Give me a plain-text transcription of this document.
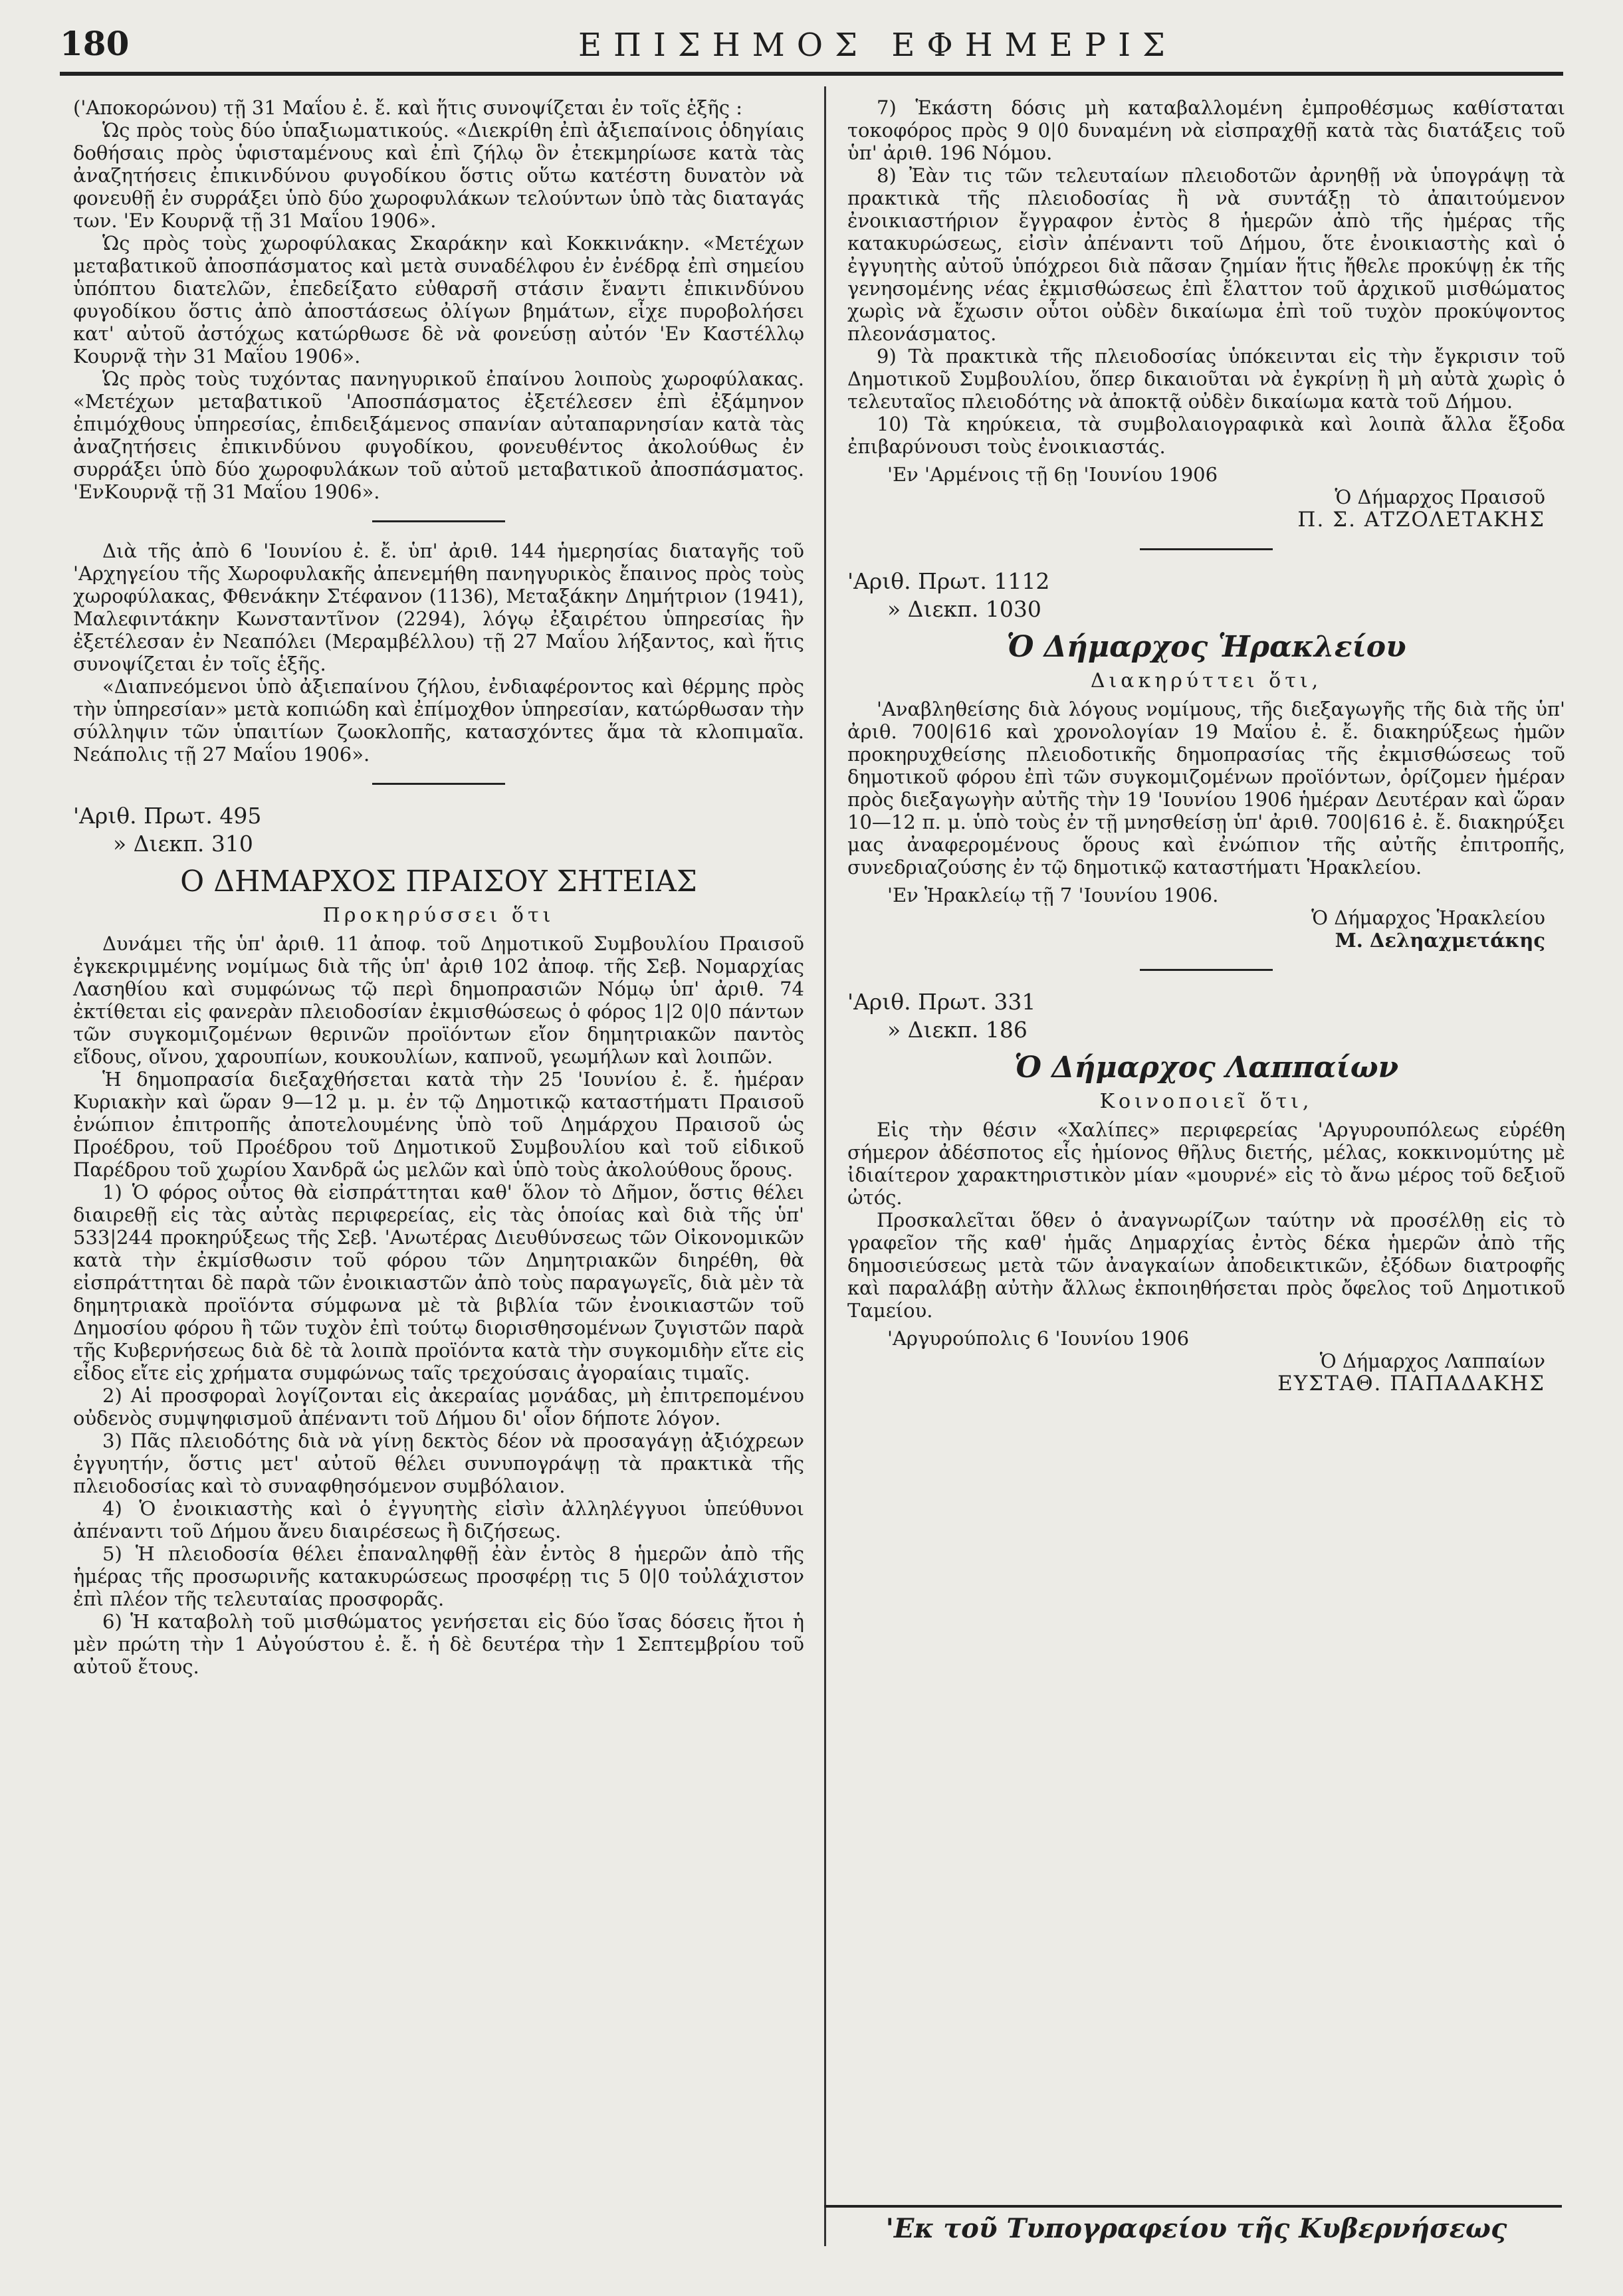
180	ΕΠΙΣΗΜΟΣ ΕΦΗΜΕΡΙΣ

('Αποκορώνου) τῇ 31 Μαΐου ἐ. ἔ. καὶ ἥτις συνοψίζεται ἐν τοῖς ἑξῆς :

Ὡς πρὸς τοὺς δύο ὑπαξιωματικούς. «Διεκρίθη ἐπὶ ἀξιεπαίνοις ὁδηγίαις δοθήσαις πρὸς ὑφισταμένους καὶ ἐπὶ ζήλῳ ὃν ἐτεκμηρίωσε κατὰ τὰς ἀναζητήσεις ἐπικινδύνου φυγοδίκου ὅστις οὕτω κατέστη δυνατὸν νὰ φονευθῇ ἐν συρράξει ὑπὸ δύο χωροφυλάκων τελούντων ὑπὸ τὰς διαταγάς των. 'Εν Κουρνᾷ τῇ 31 Μαΐου 1906».

Ὡς πρὸς τοὺς χωροφύλακας Σκαράκην καὶ Κοκκινάκην. «Μετέχων μεταβατικοῦ ἀποσπάσματος καὶ μετὰ συναδέλφου ἐν ἐνέδρᾳ ἐπὶ σημείου ὑπόπτου διατελῶν, ἐπεδείξατο εὐθαρσῆ στάσιν ἔναντι ἐπικινδύνου φυγοδίκου ὅστις ἀπὸ ἀποστάσεως ὀλίγων βημάτων, εἶχε πυροβολήσει κατ' αὐτοῦ ἀστόχως κατώρθωσε δὲ νὰ φονεύσῃ αὐτόν 'Εν Καστέλλῳ Κουρνᾷ τὴν 31 Μαΐου 1906».

Ὡς πρὸς τοὺς τυχόντας πανηγυρικοῦ ἐπαίνου λοιποὺς χωροφύλακας. «Μετέχων μεταβατικοῦ 'Αποσπάσματος ἐξετέλεσεν ἐπὶ ἐξάμηνον ἐπιμόχθους ὑπηρεσίας, ἐπιδειξάμενος σπανίαν αὐταπαρνησίαν κατὰ τὰς ἀναζητήσεις ἐπικινδύνου φυγοδίκου, φονευθέντος ἀκολούθως ἐν συρράξει ὑπὸ δύο χωροφυλάκων τοῦ αὐτοῦ μεταβατικοῦ ἀποσπάσματος. 'ΕνΚουρνᾷ τῇ 31 Μαΐου 1906».

Διὰ τῆς ἀπὸ 6 'Ιουνίου ἐ. ἔ. ὑπ' ἀριθ. 144 ἡμερησίας διαταγῆς τοῦ 'Αρχηγείου τῆς Χωροφυλακῆς ἀπενεμήθη πανηγυρικὸς ἔπαινος πρὸς τοὺς χωροφύλακας, Φθενάκην Στέφανον (1136), Μεταξάκην Δημήτριον (1941), Μαλεφιντάκην Κωνσταντῖνον (2294), λόγῳ ἐξαιρέτου ὑπηρεσίας ἣν ἐξετέλεσαν ἐν Νεαπόλει (Μεραμβέλλου) τῇ 27 Μαΐου λήξαντος, καὶ ἥτις συνοψίζεται ἐν τοῖς ἑξῆς.

«Διαπνεόμενοι ὑπὸ ἀξιεπαίνου ζήλου, ἐνδιαφέροντος καὶ θέρμης πρὸς τὴν ὑπηρεσίαν» μετὰ κοπιώδη καὶ ἐπίμοχθον ὑπηρεσίαν, κατώρθωσαν τὴν σύλληψιν τῶν ὑπαιτίων ζωοκλοπῆς, κατασχόντες ἅμα τὰ κλοπιμαῖα. Νεάπολις τῇ 27 Μαΐου 1906».

'Αριθ. Πρωτ. 495
» Διεκπ. 310
Ο ΔΗΜΑΡΧΟΣ ΠΡΑΙΣΟΥ ΣΗΤΕΙΑΣ
Προκηρύσσει ὅτι

Δυνάμει τῆς ὑπ' ἀριθ. 11 ἀποφ. τοῦ Δημοτικοῦ Συμβουλίου Πραισοῦ ἐγκεκριμμένης νομίμως διὰ τῆς ὑπ' ἀριθ 102 ἀποφ. τῆς Σεβ. Νομαρχίας Λασηθίου καὶ συμφώνως τῷ περὶ δημοπρασιῶν Νόμῳ ὑπ' ἀριθ. 74 ἐκτίθεται εἰς φανερὰν πλειοδοσίαν ἐκμισθώσεως ὁ φόρος 1|2 0|0 πάντων τῶν συγκομιζομένων θερινῶν προϊόντων εἴον δημητριακῶν παντὸς εἴδους, οἴνου, χαρουπίων, κουκουλίων, καπνοῦ, γεωμήλων καὶ λοιπῶν.

Ἡ δημοπρασία διεξαχθήσεται κατὰ τὴν 25 'Ιουνίου ἐ. ἔ. ἡμέραν Κυριακὴν καὶ ὥραν 9—12 μ. μ. ἐν τῷ Δημοτικῷ καταστήματι Πραισοῦ ἐνώπιον ἐπιτροπῆς ἀποτελουμένης ὑπὸ τοῦ Δημάρχου Πραισοῦ ὡς Προέδρου, τοῦ Προέδρου τοῦ Δημοτικοῦ Συμβουλίου καὶ τοῦ εἰδικοῦ Παρέδρου τοῦ χωρίου Χανδρᾶ ὡς μελῶν καὶ ὑπὸ τοὺς ἀκολούθους ὅρους.

1) Ὁ φόρος οὗτος θὰ εἰσπράττηται καθ' ὅλον τὸ Δῆμον, ὅστις θέλει διαιρεθῇ εἰς τὰς αὐτὰς περιφερείας, εἰς τὰς ὁποίας καὶ διὰ τῆς ὑπ' 533|244 προκηρύξεως τῆς Σεβ. 'Ανωτέρας Διευθύνσεως τῶν Οἰκονομικῶν κατὰ τὴν ἐκμίσθωσιν τοῦ φόρου τῶν Δημητριακῶν διηρέθη, θὰ εἰσπράττηται δὲ παρὰ τῶν ἐνοικιαστῶν ἀπὸ τοὺς παραγωγεῖς, διὰ μὲν τὰ δημητριακὰ προϊόντα σύμφωνα μὲ τὰ βιβλία τῶν ἐνοικιαστῶν τοῦ Δημοσίου φόρου ἢ τῶν τυχὸν ἐπὶ τούτῳ διορισθησομένων ζυγιστῶν παρὰ τῆς Κυβερνήσεως διὰ δὲ τὰ λοιπὰ προϊόντα κατὰ τὴν συγκομιδὴν εἴτε εἰς εἶδος εἴτε εἰς χρήματα συμφώνως ταῖς τρεχούσαις ἀγοραίαις τιμαῖς.

2) Αἱ προσφοραὶ λογίζονται εἰς ἀκεραίας μονάδας, μὴ ἐπιτρεπομένου οὐδενὸς συμψηφισμοῦ ἀπέναντι τοῦ Δήμου δι' οἷον δήποτε λόγον.

3) Πᾶς πλειοδότης διὰ νὰ γίνῃ δεκτὸς δέον νὰ προσαγάγῃ ἀξιόχρεων ἐγγυητήν, ὅστις μετ' αὐτοῦ θέλει συνυπογράψῃ τὰ πρακτικὰ τῆς πλειοδοσίας καὶ τὸ συναφθησόμενον συμβόλαιον.

4) Ὁ ἐνοικιαστὴς καὶ ὁ ἐγγυητὴς εἰσὶν ἀλληλέγγυοι ὑπεύθυνοι ἀπέναντι τοῦ Δήμου ἄνευ διαιρέσεως ἢ διζήσεως.

5) Ἡ πλειοδοσία θέλει ἐπαναληφθῇ ἐὰν ἐντὸς 8 ἡμερῶν ἀπὸ τῆς ἡμέρας τῆς προσωρινῆς κατακυρώσεως προσφέρῃ τις 5 0|0 τοὐλάχιστον ἐπὶ πλέον τῆς τελευταίας προσφορᾶς.

6) Ἡ καταβολὴ τοῦ μισθώματος γενήσεται εἰς δύο ἴσας δόσεις ἤτοι ἡ μὲν πρώτη τὴν 1 Αὐγούστου ἐ. ἔ. ἡ δὲ δευτέρα τὴν 1 Σεπτεμβρίου τοῦ αὐτοῦ ἔτους.

7) Ἑκάστη δόσις μὴ καταβαλλομένη ἐμπροθέσμως καθίσταται τοκοφόρος πρὸς 9 0|0 δυναμένη νὰ εἰσπραχθῇ κατὰ τὰς διατάξεις τοῦ ὑπ' ἀριθ. 196 Νόμου.

8) Ἐὰν τις τῶν τελευταίων πλειοδοτῶν ἀρνηθῇ νὰ ὑπογράψῃ τὰ πρακτικὰ τῆς πλειοδοσίας ἢ νὰ συντάξῃ τὸ ἀπαιτούμενον ἐνοικιαστήριον ἔγγραφον ἐντὸς 8 ἡμερῶν ἀπὸ τῆς ἡμέρας τῆς κατακυρώσεως, εἰσὶν ἀπέναντι τοῦ Δήμου, ὅτε ἐνοικιαστὴς καὶ ὁ ἐγγυητὴς αὐτοῦ ὑπόχρεοι διὰ πᾶσαν ζημίαν ἥτις ἤθελε προκύψῃ ἐκ τῆς γενησομένης νέας ἐκμισθώσεως ἐπὶ ἔλαττον τοῦ ἀρχικοῦ μισθώματος χωρὶς νὰ ἔχωσιν οὗτοι οὐδὲν δικαίωμα ἐπὶ τοῦ τυχὸν προκύψοντος πλεονάσματος.

9) Τὰ πρακτικὰ τῆς πλειοδοσίας ὑπόκεινται εἰς τὴν ἔγκρισιν τοῦ Δημοτικοῦ Συμβουλίου, ὅπερ δικαιοῦται νὰ ἐγκρίνῃ ἢ μὴ αὐτὰ χωρὶς ὁ τελευταῖος πλειοδότης νὰ ἀποκτᾷ οὐδὲν δικαίωμα κατὰ τοῦ Δήμου.

10) Τὰ κηρύκεια, τὰ συμβολαιογραφικὰ καὶ λοιπὰ ἄλλα ἔξοδα ἐπιβαρύνουσι τοὺς ἐνοικιαστάς.

'Εν 'Αρμένοις τῇ 6ῃ 'Ιουνίου 1906
Ὁ Δήμαρχος Πραισοῦ
Π. Σ. ΑΤΖΟΛΕΤΑΚΗΣ
'Αριθ. Πρωτ. 1112
» Διεκπ. 1030
Ὁ Δήμαρχος Ἡρακλείου
Διακηρύττει ὅτι,

'Αναβληθείσης διὰ λόγους νομίμους, τῆς διεξαγωγῆς τῆς διὰ τῆς ὑπ' ἀριθ. 700|616 καὶ χρονολογίαν 19 Μαΐου ἐ. ἔ. διακηρύξεως ἡμῶν προκηρυχθείσης πλειοδοτικῆς δημοπρασίας τῆς ἐκμισθώσεως τοῦ δημοτικοῦ φόρου ἐπὶ τῶν συγκομιζομένων προϊόντων, ὁρίζομεν ἡμέραν πρὸς διεξαγωγὴν αὐτῆς τὴν 19 'Ιουνίου 1906 ἡμέραν Δευτέραν καὶ ὥραν 10—12 π. μ. ὑπὸ τοὺς ἐν τῇ μνησθείσῃ ὑπ' ἀριθ. 700|616 ἐ. ἔ. διακηρύξει μας ἀναφερομένους ὅρους καὶ ἐνώπιον τῆς αὐτῆς ἐπιτροπῆς, συνεδριαζούσης ἐν τῷ δημοτικῷ καταστήματι Ἡρακλείου.

'Εν Ἡρακλείῳ τῇ 7 'Ιουνίου 1906.
Ὁ Δήμαρχος Ἡρακλείου
Μ. Δεληαχμετάκης
'Αριθ. Πρωτ. 331
» Διεκπ. 186
Ὁ Δήμαρχος Λαππαίων
Κοινοποιεῖ ὅτι,

Εἰς τὴν θέσιν «Χαλίπες» περιφερείας 'Αργυρουπόλεως εὑρέθη σήμερον ἀδέσποτος εἷς ἡμίονος θῆλυς διετής, μέλας, κοκκινομύτης μὲ ἰδιαίτερον χαρακτηριστικὸν μίαν «μουρνέ» εἰς τὸ ἄνω μέρος τοῦ δεξιοῦ ὠτός.

Προσκαλεῖται ὅθεν ὁ ἀναγνωρίζων ταύτην νὰ προσέλθῃ εἰς τὸ γραφεῖον τῆς καθ' ἡμᾶς Δημαρχίας ἐντὸς δέκα ἡμερῶν ἀπὸ τῆς δημοσιεύσεως μετὰ τῶν ἀναγκαίων ἀποδεικτικῶν, ἐξόδων διατροφῆς καὶ παραλάβῃ αὐτὴν ἄλλως ἐκποιηθήσεται πρὸς ὄφελος τοῦ Δημοτικοῦ Ταμείου.

'Αργυρούπολις 6 'Ιουνίου 1906
Ὁ Δήμαρχος Λαππαίων
ΕΥΣΤΑΘ. ΠΑΠΑΔΑΚΗΣ
'Εκ τοῦ Τυπογραφείου τῆς Κυβερνήσεως
